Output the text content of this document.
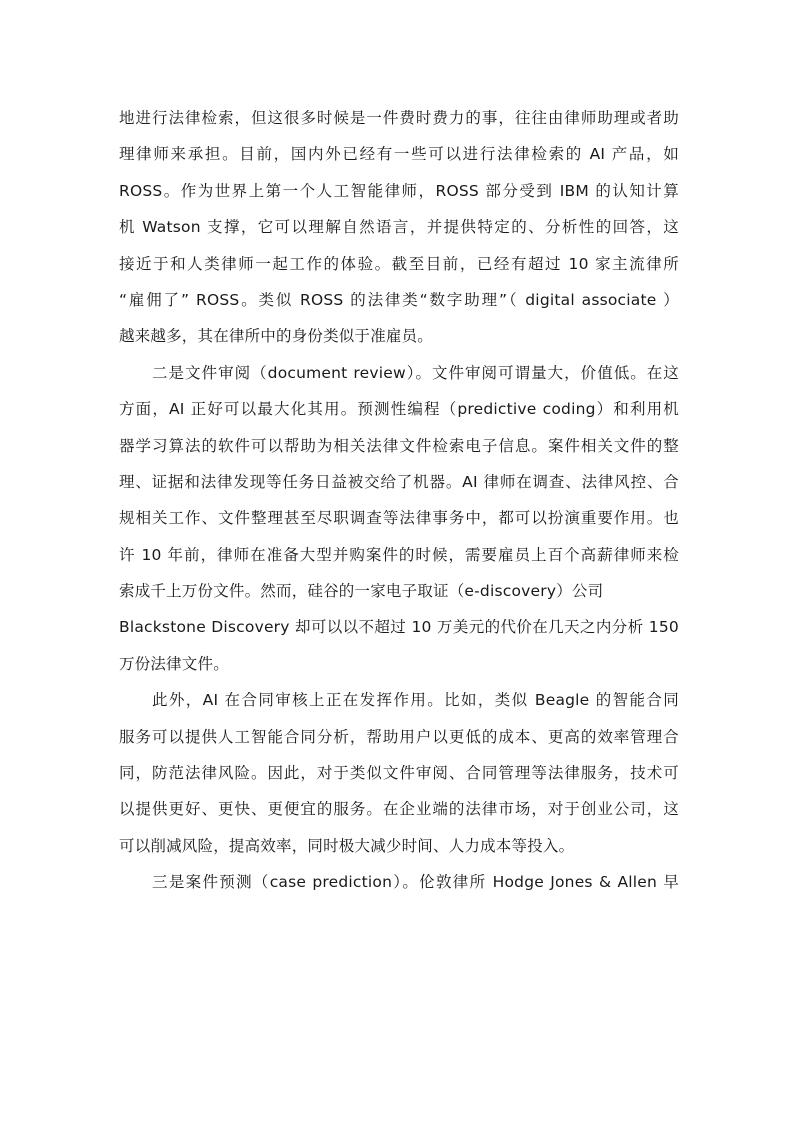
地进行法律检索，但这很多时候是一件费时费力的事，往往由律师助理或者助
理律师来承担。目前，国内外已经有一些可以进行法律检索的 AI 产品，如
ROSS。作为世界上第一个人工智能律师，ROSS 部分受到 IBM 的认知计算
机 Watson 支撑，它可以理解自然语言，并提供特定的、分析性的回答，这
接近于和人类律师一起工作的体验。截至目前，已经有超过 10 家主流律所
“雇佣了” ROSS。类似 ROSS 的法律类“数字助理”（ digital associate ）
越来越多，其在律所中的身份类似于准雇员。
二是文件审阅（document review）。文件审阅可谓量大，价值低。在这
方面，AI 正好可以最大化其用。预测性编程（predictive coding）和利用机
器学习算法的软件可以帮助为相关法律文件检索电子信息。案件相关文件的整
理、证据和法律发现等任务日益被交给了机器。AI 律师在调查、法律风控、合
规相关工作、文件整理甚至尽职调查等法律事务中，都可以扮演重要作用。也
许 10 年前，律师在准备大型并购案件的时候，需要雇员上百个高薪律师来检
索成千上万份文件。然而，硅谷的一家电子取证（e-discovery）公司
Blackstone Discovery 却可以以不超过 10 万美元的代价在几天之内分析 150
万份法律文件。
此外，AI 在合同审核上正在发挥作用。比如，类似 Beagle 的智能合同
服务可以提供人工智能合同分析，帮助用户以更低的成本、更高的效率管理合
同，防范法律风险。因此，对于类似文件审阅、合同管理等法律服务，技术可
以提供更好、更快、更便宜的服务。在企业端的法律市场，对于创业公司，这
可以削减风险，提高效率，同时极大减少时间、人力成本等投入。
三是案件预测（case prediction）。伦敦律所 Hodge Jones & Allen 早
